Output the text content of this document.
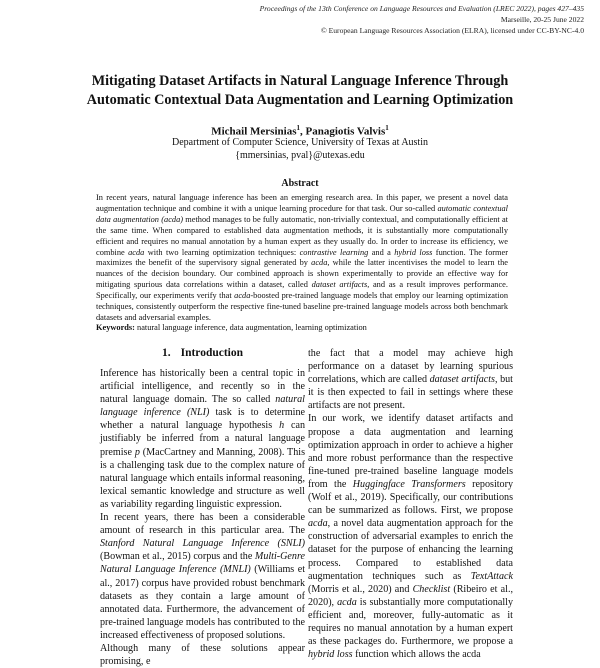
Proceedings of the 13th Conference on Language Resources and Evaluation (LREC 2022), pages 427–435
Marseille, 20-25 June 2022
© European Language Resources Association (ELRA), licensed under CC-BY-NC-4.0
Mitigating Dataset Artifacts in Natural Language Inference Through
Automatic Contextual Data Augmentation and Learning Optimization
Michail Mersinias$^1$, Panagiotis Valvis$^1$
Department of Computer Science, University of Texas at Austin
{mmersinias, pval}@utexas.edu
Abstract
In recent years, natural language inference has been an emerging research area. In this paper, we present a novel data augmentation technique and combine it with a unique learning procedure for that task. Our so-called automatic contextual data augmentation (acda) method manages to be fully automatic, non-trivially contextual, and computationally efficient at the same time. When compared to established data augmentation methods, it is substantially more computationally efficient and requires no manual annotation by a human expert as they usually do. In order to increase its efficiency, we combine acda with two learning optimization techniques: contrastive learning and a hybrid loss function. The former maximizes the benefit of the supervisory signal generated by acda, while the latter incentivises the model to learn the nuances of the decision boundary. Our combined approach is shown experimentally to provide an effective way for mitigating spurious data correlations within a dataset, called dataset artifacts, and as a result improves performance. Specifically, our experiments verify that acda-boosted pre-trained language models that employ our learning optimization techniques, consistently outperform the respective fine-tuned baseline pre-trained language models across both benchmark datasets and adversarial examples.
Keywords: natural language inference, data augmentation, learning optimization
1. Introduction

Inference has historically been a central topic in artificial intelligence, and recently so in the natural language domain. The so called natural language inference (NLI) task is to determine whether a natural language hypothesis h can justifiably be inferred from a natural language premise p (MacCartney and Manning, 2008). This is a challenging task due to the complex nature of natural language which entails informal reasoning, lexical semantic knowledge and structure as well as variability regarding linguistic expression.

In recent years, there has been a considerable amount of research in this particular area. The Stanford Natural Language Inference (SNLI) (Bowman et al., 2015) corpus and the Multi-Genre Natural Language Inference (MNLI) (Williams et al., 2017) corpus have provided robust benchmark datasets as they contain a large amount of annotated data. Furthermore, the advancement of pre-trained language models has contributed to the increased effectiveness of proposed solutions.

Although many of these solutions appear promising, e

the fact that a model may achieve high performance on a dataset by learning spurious correlations, which are called dataset artifacts, but it is then expected to fail in settings where these artifacts are not present.

In our work, we identify dataset artifacts and propose a data augmentation and learning optimization approach in order to achieve a higher and more robust performance than the respective fine-tuned pre-trained baseline language models from the Huggingface Transformers repository (Wolf et al., 2019). Specifically, our contributions can be summarized as follows. First, we propose acda, a novel data augmentation approach for the construction of adversarial examples to enrich the dataset for the purpose of enhancing the learning process. Compared to established data augmentation techniques such as TextAttack (Morris et al., 2020) and Checklist (Ribeiro et al., 2020), acda is substantially more computationally efficient and, moreover, fully-automatic as it requires no manual annotation by a human expert as these packages do. Furthermore, we propose a hybrid loss function which allows the acda
